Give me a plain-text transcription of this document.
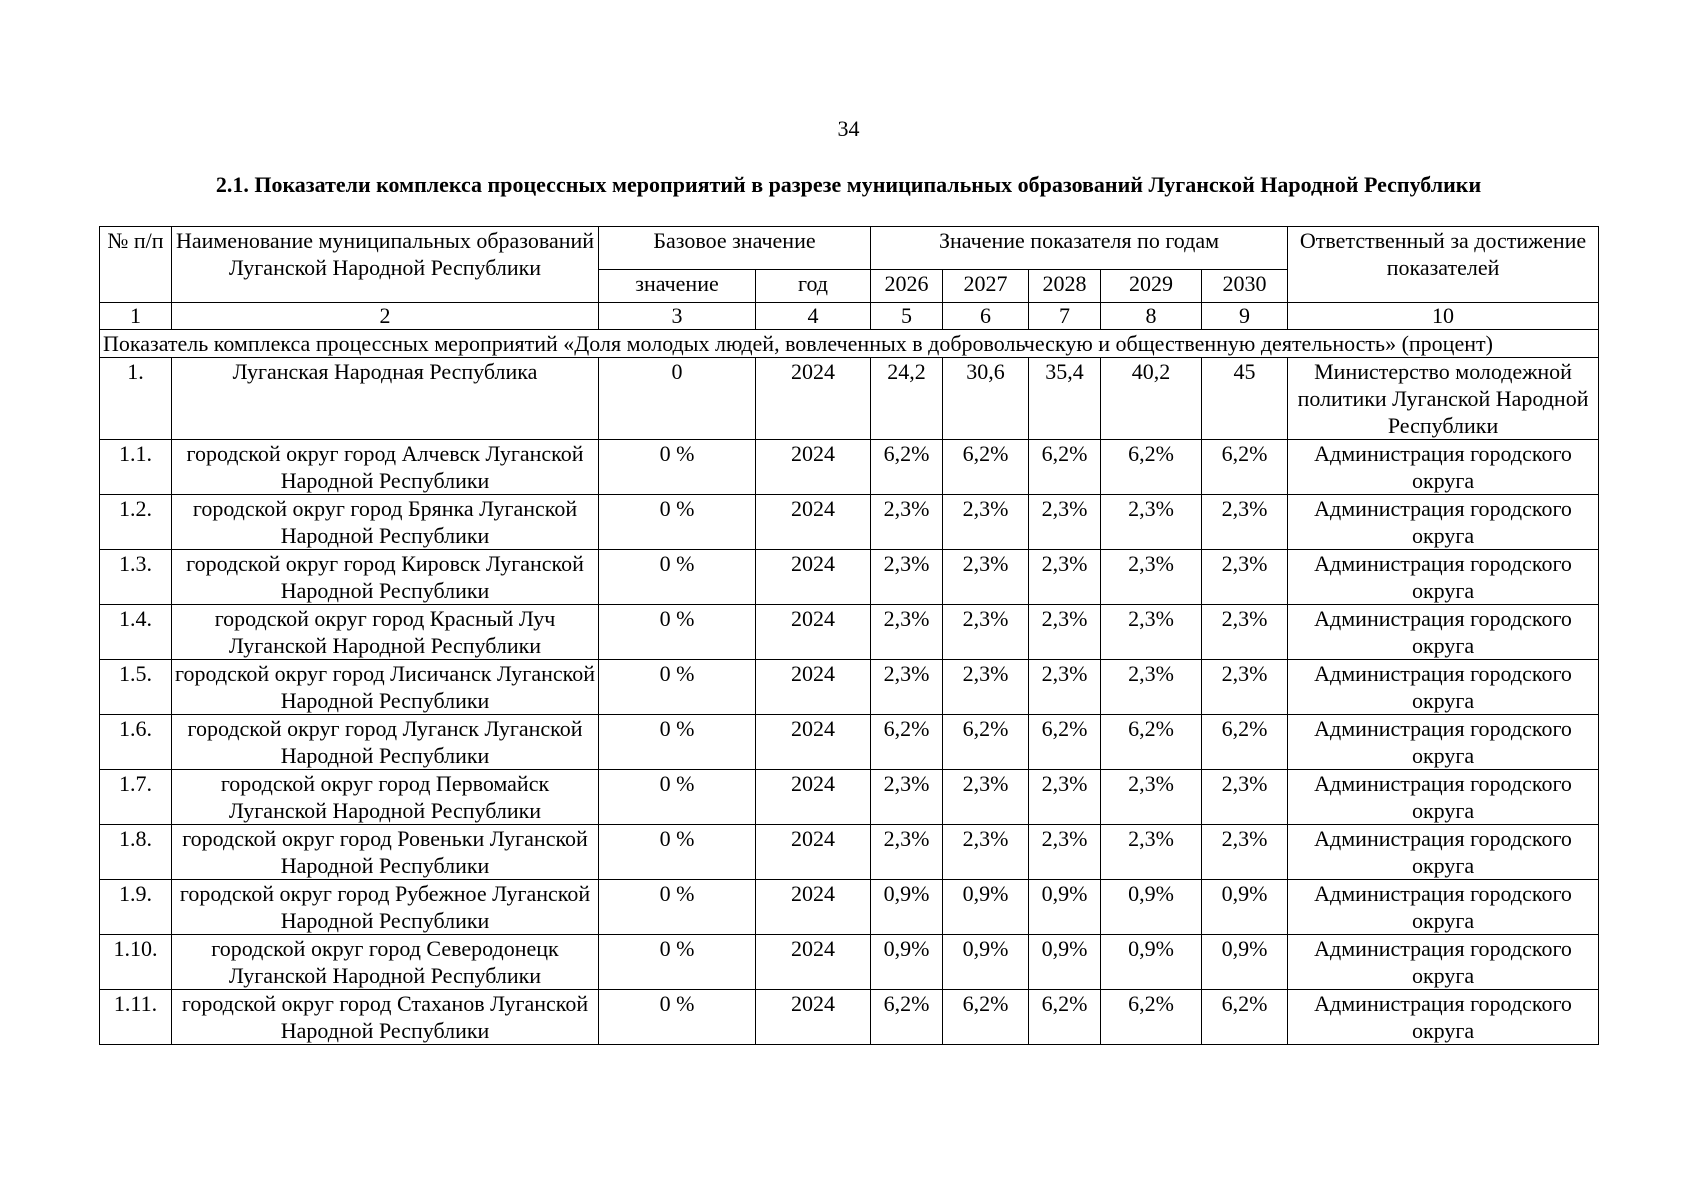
34
2.1. Показатели комплекса процессных мероприятий в разрезе муниципальных образований Луганской Народной Республики
№ п/п	Наименование муниципальных образований Луганской Народной Республики	Базовое значение		Значение показателя по годам					Ответственный за достижение показателей
		значение	год	2026	2027	2028	2029	2030	
1	2	3	4	5	6	7	8	9	10
Показатель комплекса процессных мероприятий «Доля молодых людей, вовлеченных в добровольческую и общественную деятельность» (процент)									
1.	Луганская Народная Республика	0	2024	24,2	30,6	35,4	40,2	45	Министерство молодежной политики Луганской Народной Республики
1.1.	городской округ город Алчевск Луганской Народной Республики	0 %	2024	6,2%	6,2%	6,2%	6,2%	6,2%	Администрация городского округа
1.2.	городской округ город Брянка Луганской Народной Республики	0 %	2024	2,3%	2,3%	2,3%	2,3%	2,3%	Администрация городского округа
1.3.	городской округ город Кировск Луганской Народной Республики	0 %	2024	2,3%	2,3%	2,3%	2,3%	2,3%	Администрация городского округа
1.4.	городской округ город Красный Луч Луганской Народной Республики	0 %	2024	2,3%	2,3%	2,3%	2,3%	2,3%	Администрация городского округа
1.5.	городской округ город Лисичанск Луганской Народной Республики	0 %	2024	2,3%	2,3%	2,3%	2,3%	2,3%	Администрация городского округа
1.6.	городской округ город Луганск Луганской Народной Республики	0 %	2024	6,2%	6,2%	6,2%	6,2%	6,2%	Администрация городского округа
1.7.	городской округ город Первомайск Луганской Народной Республики	0 %	2024	2,3%	2,3%	2,3%	2,3%	2,3%	Администрация городского округа
1.8.	городской округ город Ровеньки Луганской Народной Республики	0 %	2024	2,3%	2,3%	2,3%	2,3%	2,3%	Администрация городского округа
1.9.	городской округ город Рубежное Луганской Народной Республики	0 %	2024	0,9%	0,9%	0,9%	0,9%	0,9%	Администрация городского округа
1.10.	городской округ город Северодонецк Луганской Народной Республики	0 %	2024	0,9%	0,9%	0,9%	0,9%	0,9%	Администрация городского округа
1.11.	городской округ город Стаханов Луганской Народной Республики	0 %	2024	6,2%	6,2%	6,2%	6,2%	6,2%	Администрация городского округа
